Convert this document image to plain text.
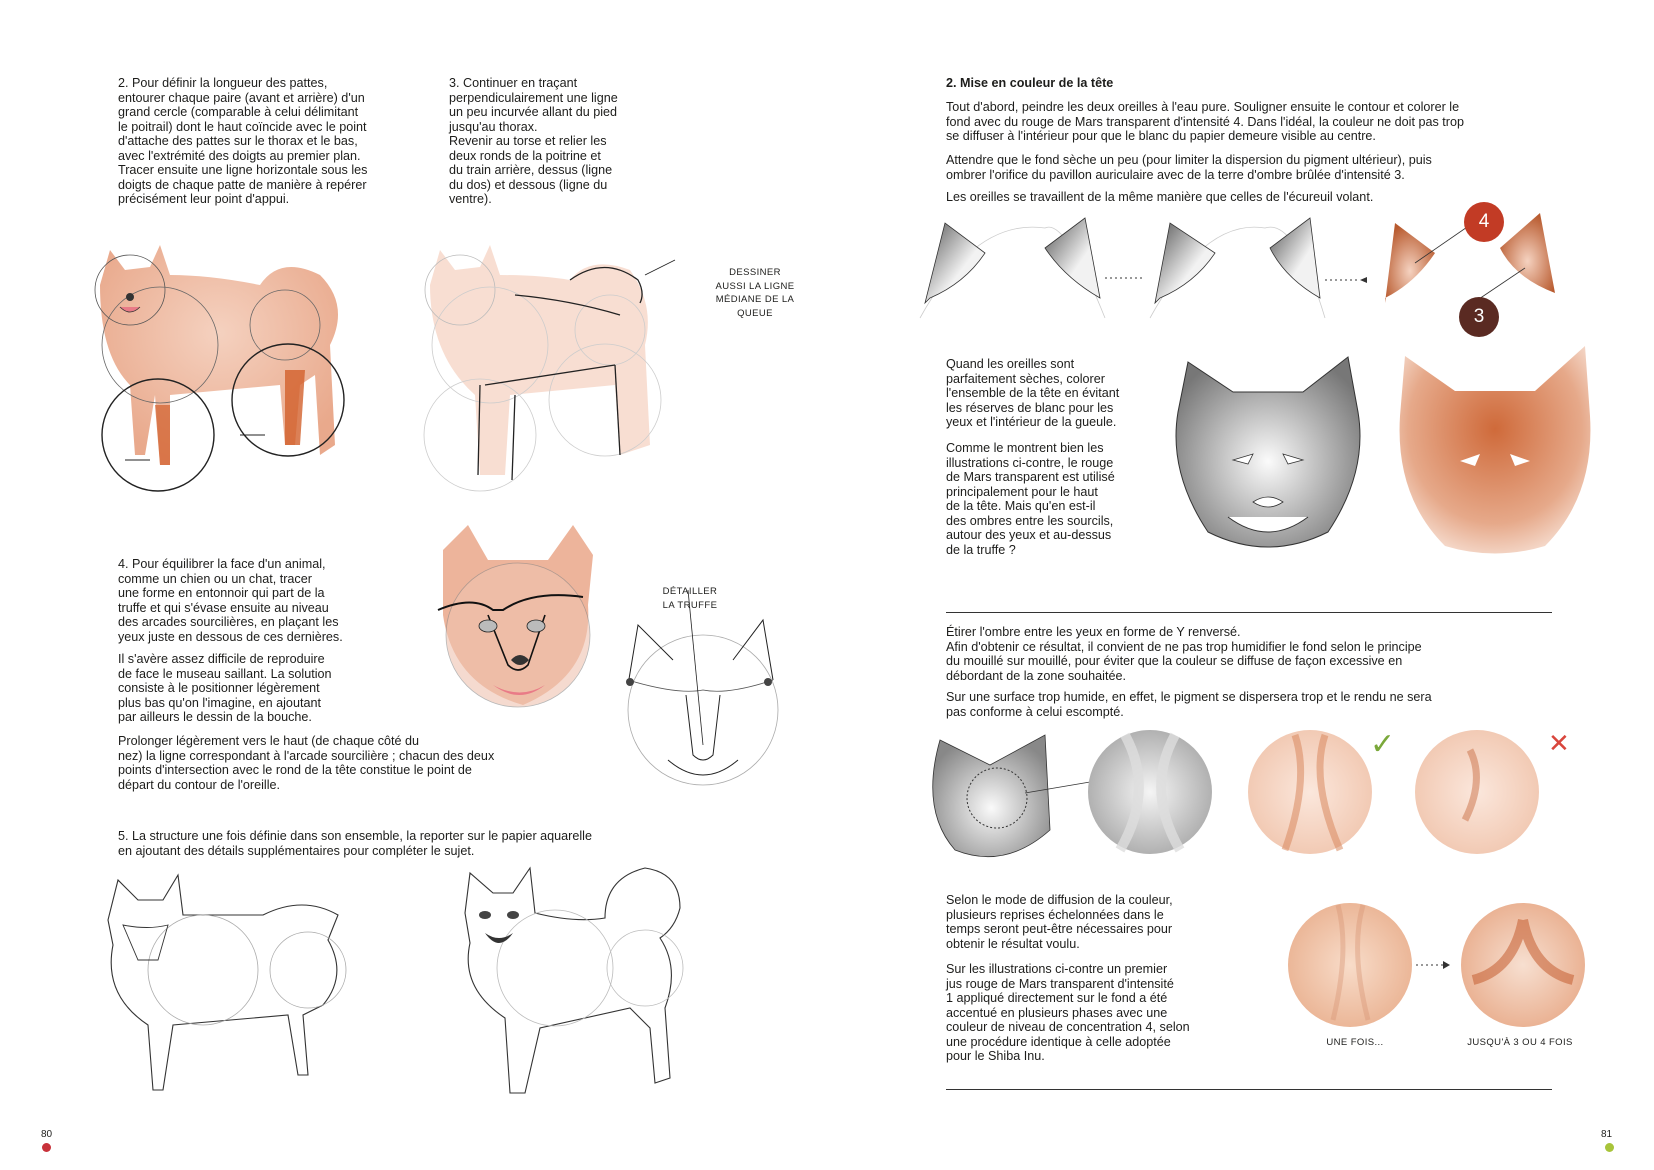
2. Pour définir la longueur des pattes,
entourer chaque paire (avant et arrière) d'un
grand cercle (comparable à celui délimitant
le poitrail) dont le haut coïncide avec le point
d'attache des pattes sur le thorax et le bas,
avec l'extrémité des doigts au premier plan.
Tracer ensuite une ligne horizontale sous les
doigts de chaque patte de manière à repérer
précisément leur point d'appui.
3. Continuer en traçant
perpendiculairement une ligne
un peu incurvée allant du pied
jusqu'au thorax.
Revenir au torse et relier les
deux ronds de la poitrine et
du train arrière, dessus (ligne
du dos) et dessous (ligne du
ventre).
DESSINER
AUSSI LA LIGNE
MÉDIANE DE LA
QUEUE
4. Pour équilibrer la face d'un animal,
comme un chien ou un chat, tracer
une forme en entonnoir qui part de la
truffe et qui s'évase ensuite au niveau
des arcades sourcilières, en plaçant les
yeux juste en dessous de ces dernières.
Il s'avère assez difficile de reproduire
de face le museau saillant. La solution
consiste à le positionner légèrement
plus bas qu'on l'imagine, en ajoutant
par ailleurs le dessin de la bouche.
Prolonger légèrement vers le haut (de chaque côté du
nez) la ligne correspondant à l'arcade sourcilière ; chacun des deux
points d'intersection avec le rond de la tête constitue le point de
départ du contour de l'oreille.
DÉTAILLER
LA TRUFFE
5. La structure une fois définie dans son ensemble, la reporter sur le papier aquarelle
en ajoutant des détails supplémentaires pour compléter le sujet.
80
2. Mise en couleur de la tête
Tout d'abord, peindre les deux oreilles à l'eau pure. Souligner ensuite le contour et colorer le
fond avec du rouge de Mars transparent d'intensité 4. Dans l'idéal, la couleur ne doit pas trop
se diffuser à l'intérieur pour que le blanc du papier demeure visible au centre.
Attendre que le fond sèche un peu (pour limiter la dispersion du pigment ultérieur), puis
ombrer l'orifice du pavillon auriculaire avec de la terre d'ombre brûlée d'intensité 3.
Les oreilles se travaillent de la même manière que celles de l'écureuil volant.
4
3
Quand les oreilles sont
parfaitement sèches, colorer
l'ensemble de la tête en évitant
les réserves de blanc pour les
yeux et l'intérieur de la gueule.
Comme le montrent bien les
illustrations ci-contre, le rouge
de Mars transparent est utilisé
principalement pour le haut
de la tête. Mais qu'en est-il
des ombres entre les sourcils,
autour des yeux et au-dessus
de la truffe ?
Étirer l'ombre entre les yeux en forme de Y renversé.
Afin d'obtenir ce résultat, il convient de ne pas trop humidifier le fond selon le principe
du mouillé sur mouillé, pour éviter que la couleur se diffuse de façon excessive en
débordant de la zone souhaitée.
Sur une surface trop humide, en effet, le pigment se dispersera trop et le rendu ne sera
pas conforme à celui escompté.
✓	✕
Selon le mode de diffusion de la couleur,
plusieurs reprises échelonnées dans le
temps seront peut-être nécessaires pour
obtenir le résultat voulu.
Sur les illustrations ci-contre un premier
jus rouge de Mars transparent d'intensité
1 appliqué directement sur le fond a été
accentué en plusieurs phases avec une
couleur de niveau de concentration 4, selon
une procédure identique à celle adoptée
pour le Shiba Inu.
UNE FOIS...	JUSQU'À 3 OU 4 FOIS
81
